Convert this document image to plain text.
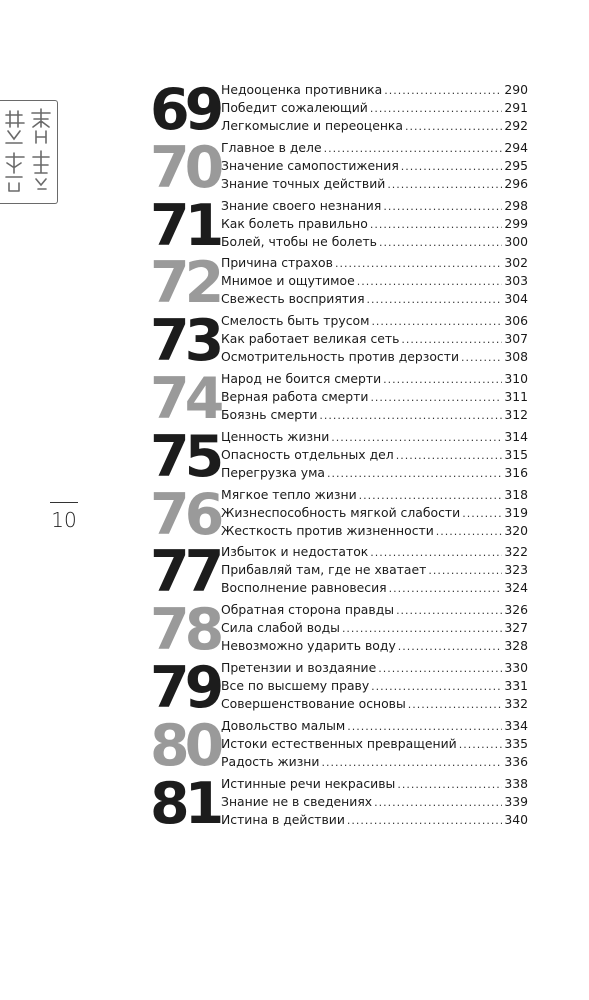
10
69 Недооценка противника .....	290
Победит сожалеющий .....	291
Легкомыслие и переоценка .....	292
70 Главное в деле .....	294
Значение самопостижения .....	295
Знание точных действий .....	296
71 Знание своего незнания .....	298
Как болеть правильно .....	299
Болей, чтобы не болеть .....	300
72 Причина страхов .....	302
Мнимое и ощутимое .....	303
Свежесть восприятия .....	304
73 Смелость быть трусом .....	306
Как работает великая сеть .....	307
Осмотрительность против дерзости .....	308
74 Народ не боится смерти .....	310
Верная работа смерти .....	311
Боязнь смерти .....	312
75 Ценность жизни .....	314
Опасность отдельных дел .....	315
Перегрузка ума .....	316
76 Мягкое тепло жизни .....	318
Жизнеспособность мягкой слабости .....	319
Жесткость против жизненности .....	320
77 Избыток и недостаток .....	322
Прибавляй там, где не хватает .....	323
Восполнение равновесия .....	324
78 Обратная сторона правды .....	326
Сила слабой воды .....	327
Невозможно ударить воду .....	328
79 Претензии и воздаяние .....	330
Все по высшему праву .....	331
Совершенствование основы .....	332
80 Довольство малым .....	334
Истоки естественных превращений .....	335
Радость жизни .....	336
81 Истинные речи некрасивы .....	338
Знание не в сведениях .....	339
Истина в действии .....	340
